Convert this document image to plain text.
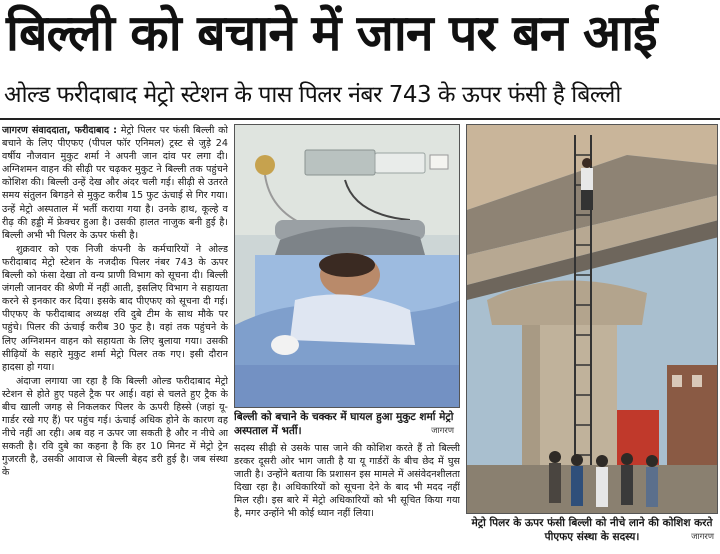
बिल्ली को बचाने में जान पर बन आई
ओल्ड फरीदाबाद मेट्रो स्टेशन के पास पिलर नंबर 743 के ऊपर फंसी है बिल्ली
जागरण संवाददाता, फरीदाबाद : मेट्रो पिलर पर फंसी बिल्ली को बचाने के लिए पीएफए (पीपल फॉर एनिमल) ट्रस्ट से जुड़े 24 वर्षीय नौजवान मुकुट शर्मा ने अपनी जान दांव पर लगा दी। अग्निशमन वाहन की सीढ़ी पर चढ़कर मुकुट ने बिल्ली तक पहुंचने कोशिश की। बिल्ली उन्हें देख और अंदर चली गई। सीढ़ी से उतरते समय संतुलन बिगड़ने से मुकुट करीब 15 फुट ऊंचाई से गिर गया। उन्हें मेट्रो अस्पताल में भर्ती कराया गया है। उनके हाथ, कूल्हे व रीढ़ की हड्डी में फ्रेक्चर हुआ है। उसकी हालत नाजुक बनी हुई है। बिल्ली अभी भी पिलर के ऊपर फंसी है।
शुक्रवार को एक निजी कंपनी के कर्मचारियों ने ओल्ड फरीदाबाद मेट्रो स्टेशन के नजदीक पिलर नंबर 743 के ऊपर बिल्ली को फंसा देखा तो वन्य प्राणी विभाग को सूचना दी। बिल्ली जंगली जानवर की श्रेणी में नहीं आती, इसलिए विभाग ने सहायता करने से इनकार कर दिया। इसके बाद पीएफए को सूचना दी गई। पीएफए के फरीदाबाद अध्यक्ष रवि दुबे टीम के साथ मौके पर पहुंचे। पिलर की ऊंचाई करीब 30 फुट है। वहां तक पहुंचने के लिए अग्निशमन वाहन को सहायता के लिए बुलाया गया। उसकी सीढ़ियों के सहारे मुकुट शर्मा मेट्रो पिलर तक गए। इसी दौरान हादसा हो गया।
अंदाजा लगाया जा रहा है कि बिल्ली ओल्ड फरीदाबाद मेट्रो स्टेशन से होते हुए पहले ट्रैक पर आई। वहां से चलते हुए ट्रैक के बीच खाली जगह से निकलकर पिलर के ऊपरी हिस्से (जहां यू-गार्डर रखे गए हैं) पर पहुंच गई। ऊंचाई अधिक होने के कारण वह नीचे नहीं आ रही। अब वह न ऊपर जा सकती है और न नीचे आ सकती है। रवि दुबे का कहना है कि हर 10 मिनट में मेट्रो ट्रेन गुजरती है, उसकी आवाज से बिल्ली बेहद डरी हुई है। जब संस्था के
बिल्ली को बचाने के चक्कर में घायल हुआ मुकुट शर्मा मेट्रो अस्पताल में भर्ती।	जागरण
सदस्य सीढ़ी से उसके पास जाने की कोशिश करते हैं तो बिल्ली डरकर दूसरी ओर भाग जाती है या यू गार्डरों के बीच छेद में घुस जाती है। उन्होंने बताया कि प्रशासन इस मामले में असंवेदनशीलता दिखा रहा है। अधिकारियों को सूचना देने के बाद भी मदद नहीं मिल रही। इस बारे में मेट्रो अधिकारियों को भी सूचित किया गया है, मगर उन्होंने भी कोई ध्यान नहीं लिया।
मेट्रो पिलर के ऊपर फंसी बिल्ली को नीचे लाने की कोशिश करते पीएफए संस्था के सदस्य।	जागरण
